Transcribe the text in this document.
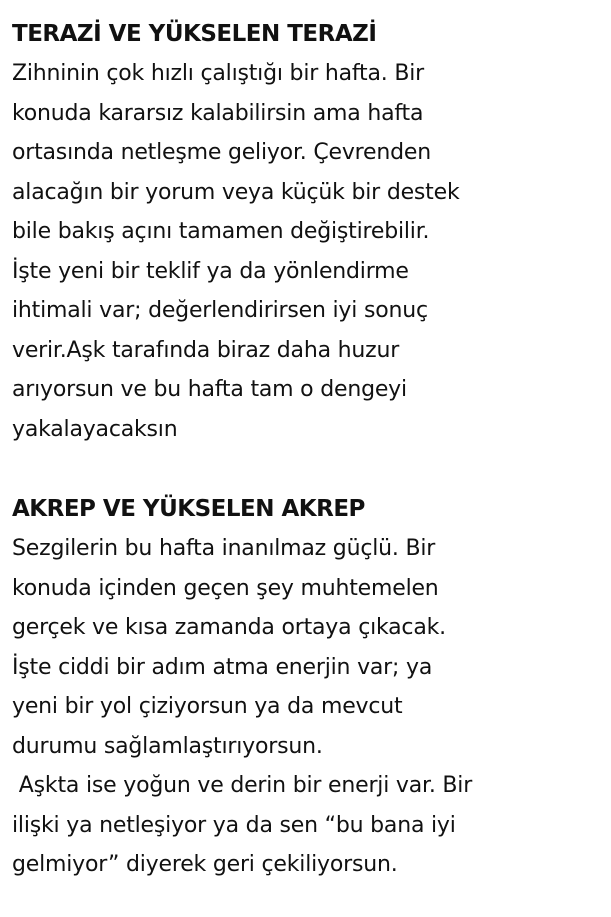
TERAZİ VE YÜKSELEN TERAZİ

Zihninin çok hızlı çalıştığı bir hafta. Bir

konuda kararsız kalabilirsin ama hafta

ortasında netleşme geliyor. Çevrenden

alacağın bir yorum veya küçük bir destek

bile bakış açını tamamen değiştirebilir.

İşte yeni bir teklif ya da yönlendirme

ihtimali var; değerlendirirsen iyi sonuç

verir.Aşk tarafında biraz daha huzur

arıyorsun ve bu hafta tam o dengeyi

yakalayacaksın

AKREP VE YÜKSELEN AKREP

Sezgilerin bu hafta inanılmaz güçlü. Bir

konuda içinden geçen şey muhtemelen

gerçek ve kısa zamanda ortaya çıkacak.

İşte ciddi bir adım atma enerjin var; ya

yeni bir yol çiziyorsun ya da mevcut

durumu sağlamlaştırıyorsun.

Aşkta ise yoğun ve derin bir enerji var. Bir

ilişki ya netleşiyor ya da sen “bu bana iyi

gelmiyor” diyerek geri çekiliyorsun.
